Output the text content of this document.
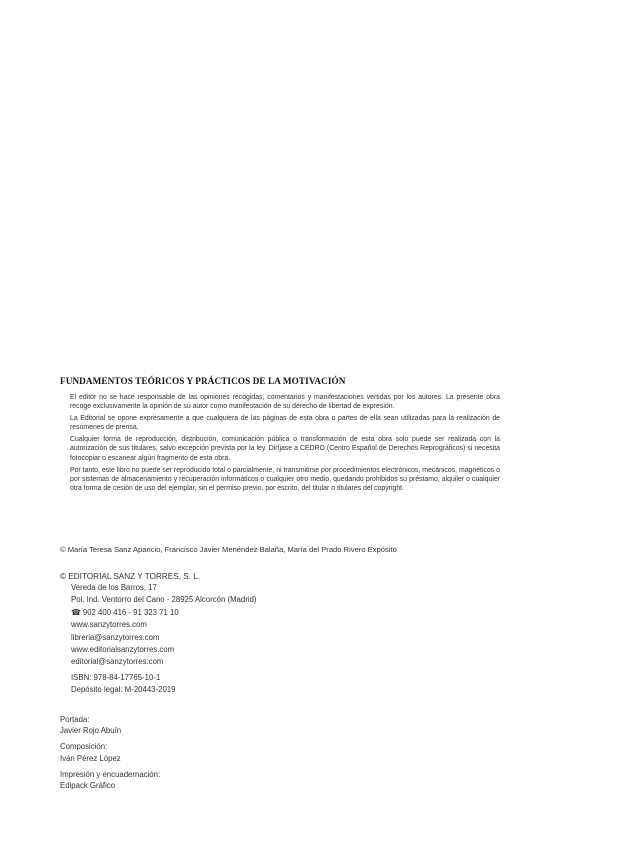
FUNDAMENTOS TEÓRICOS Y PRÁCTICOS DE LA MOTIVACIÓN

El editor no se hace responsable de las opiniones recogidas, comentarios y manifestaciones vertidas por los autores. La presente obra recoge exclusivamente la opinión de su autor como manifestación de su derecho de libertad de expresión.

La Editorial se opone expresamente a que cualquiera de las páginas de esta obra o partes de ella sean utilizadas para la realización de resúmenes de prensa.

Cualquier forma de reproducción, distribución, comunicación pública o transformación de esta obra solo puede ser realizada con la autorización de sus titulares, salvo excepción prevista por la ley. Diríjase a CEDRO (Centro Español de Derechos Reprográficos) si necesita fotocopiar o escanear algún fragmento de esta obra.

Por tanto, este libro no puede ser reproducido total o parcialmente, ni transmitirse por procedimientos electrónicos, mecánicos, magnéticos o por sistemas de almacenamiento y recuperación informáticos o cualquier otro medio, quedando prohibidos su préstamo, alquiler o cualquier otra forma de cesión de uso del ejemplar, sin el permiso previo, por escrito, del titular o titulares del copyright.

© María Teresa Sanz Aparicio, Francisco Javier Menéndez Balaña, María del Prado Rivero Expósito
© EDITORIAL SANZ Y TORRES, S. L.
Vereda de los Barros, 17
Pol. Ind. Ventorro del Cano - 28925 Alcorcón (Madrid)
☎ 902 400 416 - 91 323 71 10
www.sanzytorres.com
libreria@sanzytorres.com
www.editorialsanzytorres.com
editorial@sanzytorres.com
ISBN: 978-84-17765-10-1
Depósito legal: M-20443-2019
Portada:
Javier Rojo Abuín
Composición:
Iván Pérez López
Impresión y encuadernación:
Edipack Gráfico
